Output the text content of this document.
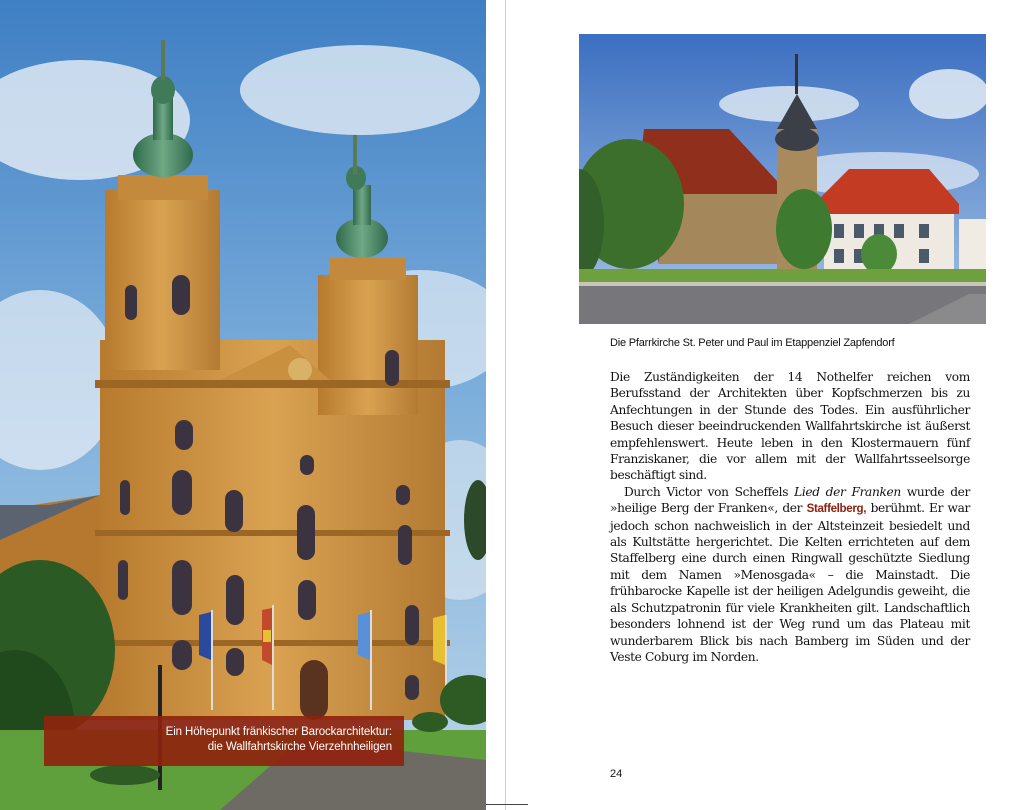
Ein Höhepunkt fränkischer Barockarchitektur:
die Wallfahrtskirche Vierzehnheiligen
Die Pfarrkirche St. Peter und Paul im Etappenziel Zapfendorf

Die Zuständigkeiten der 14 Nothelfer reichen vom Berufsstand der Architekten über Kopfschmerzen bis zu Anfechtungen in der Stunde des Todes. Ein ausführlicher Besuch dieser beeindruckenden Wallfahrtskirche ist äußerst empfehlenswert. Heute leben in den Klostermauern fünf Franziskaner, die vor allem mit der Wallfahrtsseelsorge beschäftigt sind.

Durch Victor von Scheffels Lied der Franken wurde der »heilige Berg der Franken«, der Staffelberg, berühmt. Er war jedoch schon nachweislich in der Altsteinzeit besiedelt und als Kultstätte hergerichtet. Die Kelten errichteten auf dem Staffelberg eine durch einen Ringwall geschützte Siedlung mit dem Namen »Menosgada« – die Mainstadt. Die frühbarocke Kapelle ist der heiligen Adelgundis geweiht, die als Schutzpatronin für viele Krankheiten gilt. Landschaftlich besonders lohnend ist der Weg rund um das Plateau mit wunderbarem Blick bis nach Bamberg im Süden und der Veste Coburg im Norden.

24
